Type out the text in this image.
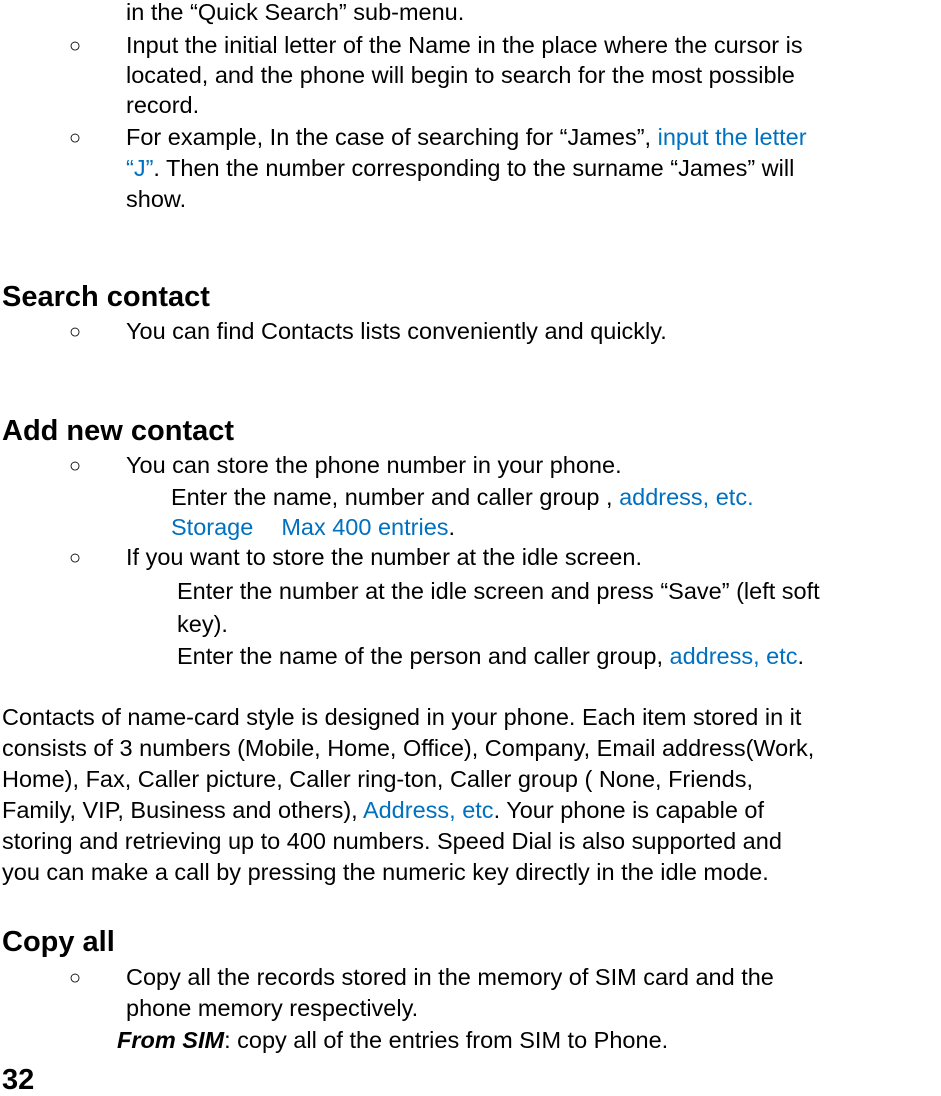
in the “Quick Search” sub-menu.
○ Input the initial letter of the Name in the place where the cursor is
located, and the phone will begin to search for the most possible
record.
○ For example, In the case of searching for “James”, input the letter
“J”. Then the number corresponding to the surname “James” will
show.
Search contact
○ You can find Contacts lists conveniently and quickly.
Add new contact
○ You can store the phone number in your phone.
Enter the name, number and caller group , address, etc.
Storage Max 400 entries.
○ If you want to store the number at the idle screen.
Enter the number at the idle screen and press “Save” (left soft
key).
Enter the name of the person and caller group, address, etc.
Contacts of name-card style is designed in your phone. Each item stored in it
consists of 3 numbers (Mobile, Home, Office), Company, Email address(Work,
Home), Fax, Caller picture, Caller ring-ton, Caller group ( None, Friends,
Family, VIP, Business and others), Address, etc. Your phone is capable of
storing and retrieving up to 400 numbers. Speed Dial is also supported and
you can make a call by pressing the numeric key directly in the idle mode.
Copy all
○ Copy all the records stored in the memory of SIM card and the
phone memory respectively.
From SIM: copy all of the entries from SIM to Phone.
32
